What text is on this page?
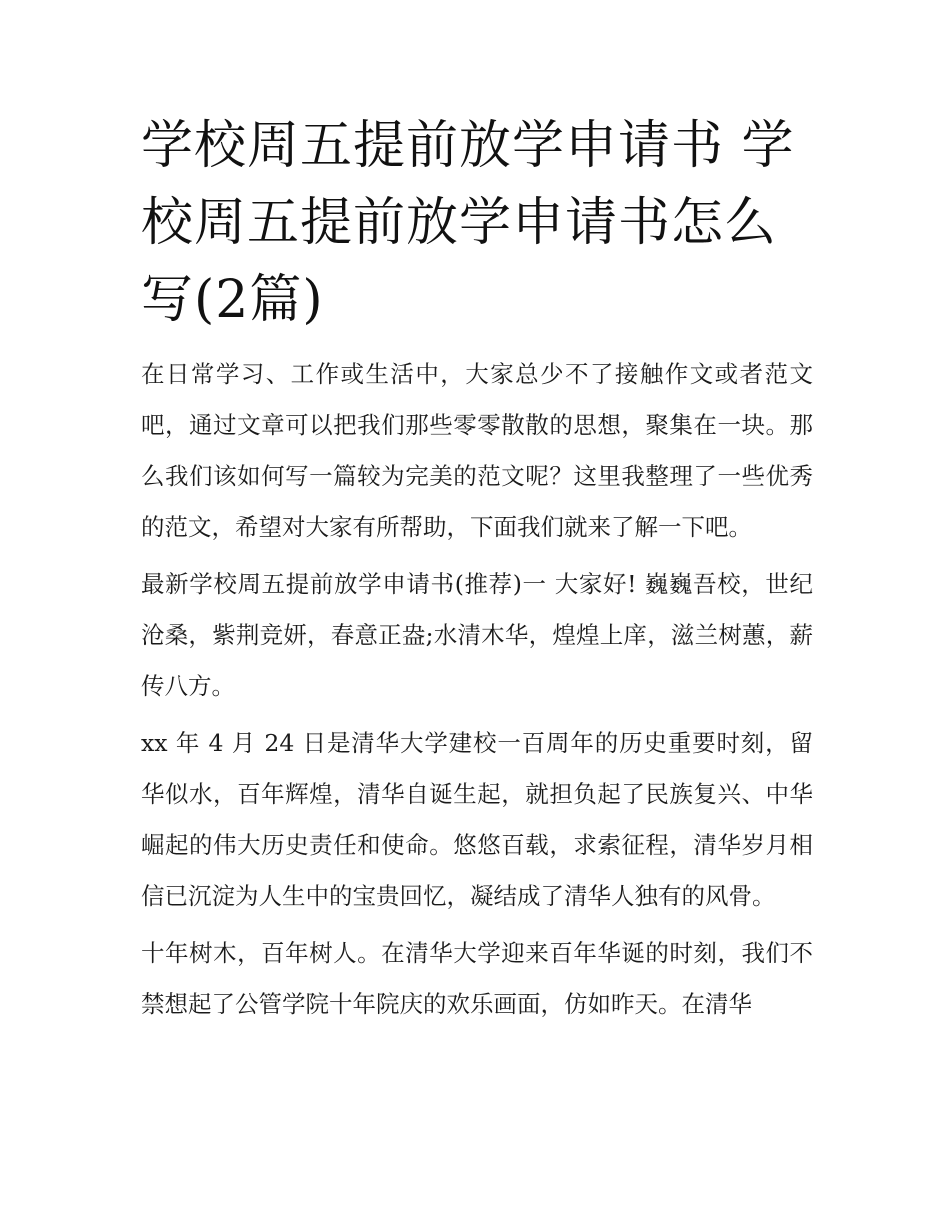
学校周五提前放学申请书 学校周五提前放学申请书怎么写(2篇)

在日常学习、工作或生活中，大家总少不了接触作文或者范文吧，通过文章可以把我们那些零零散散的思想，聚集在一块。那么我们该如何写一篇较为完美的范文呢？这里我整理了一些优秀的范文，希望对大家有所帮助，下面我们就来了解一下吧。

最新学校周五提前放学申请书(推荐)一 大家好! 巍巍吾校，世纪沧桑，紫荆竞妍，春意正盎;水清木华，煌煌上庠，滋兰树蕙，薪传八方。

xx 年 4 月 24 日是清华大学建校一百周年的历史重要时刻，留华似水，百年辉煌，清华自诞生起，就担负起了民族复兴、中华崛起的伟大历史责任和使命。悠悠百载，求索征程，清华岁月相信已沉淀为人生中的宝贵回忆，凝结成了清华人独有的风骨。

十年树木，百年树人。在清华大学迎来百年华诞的时刻，我们不禁想起了公管学院十年院庆的欢乐画面，仿如昨天。在清华
